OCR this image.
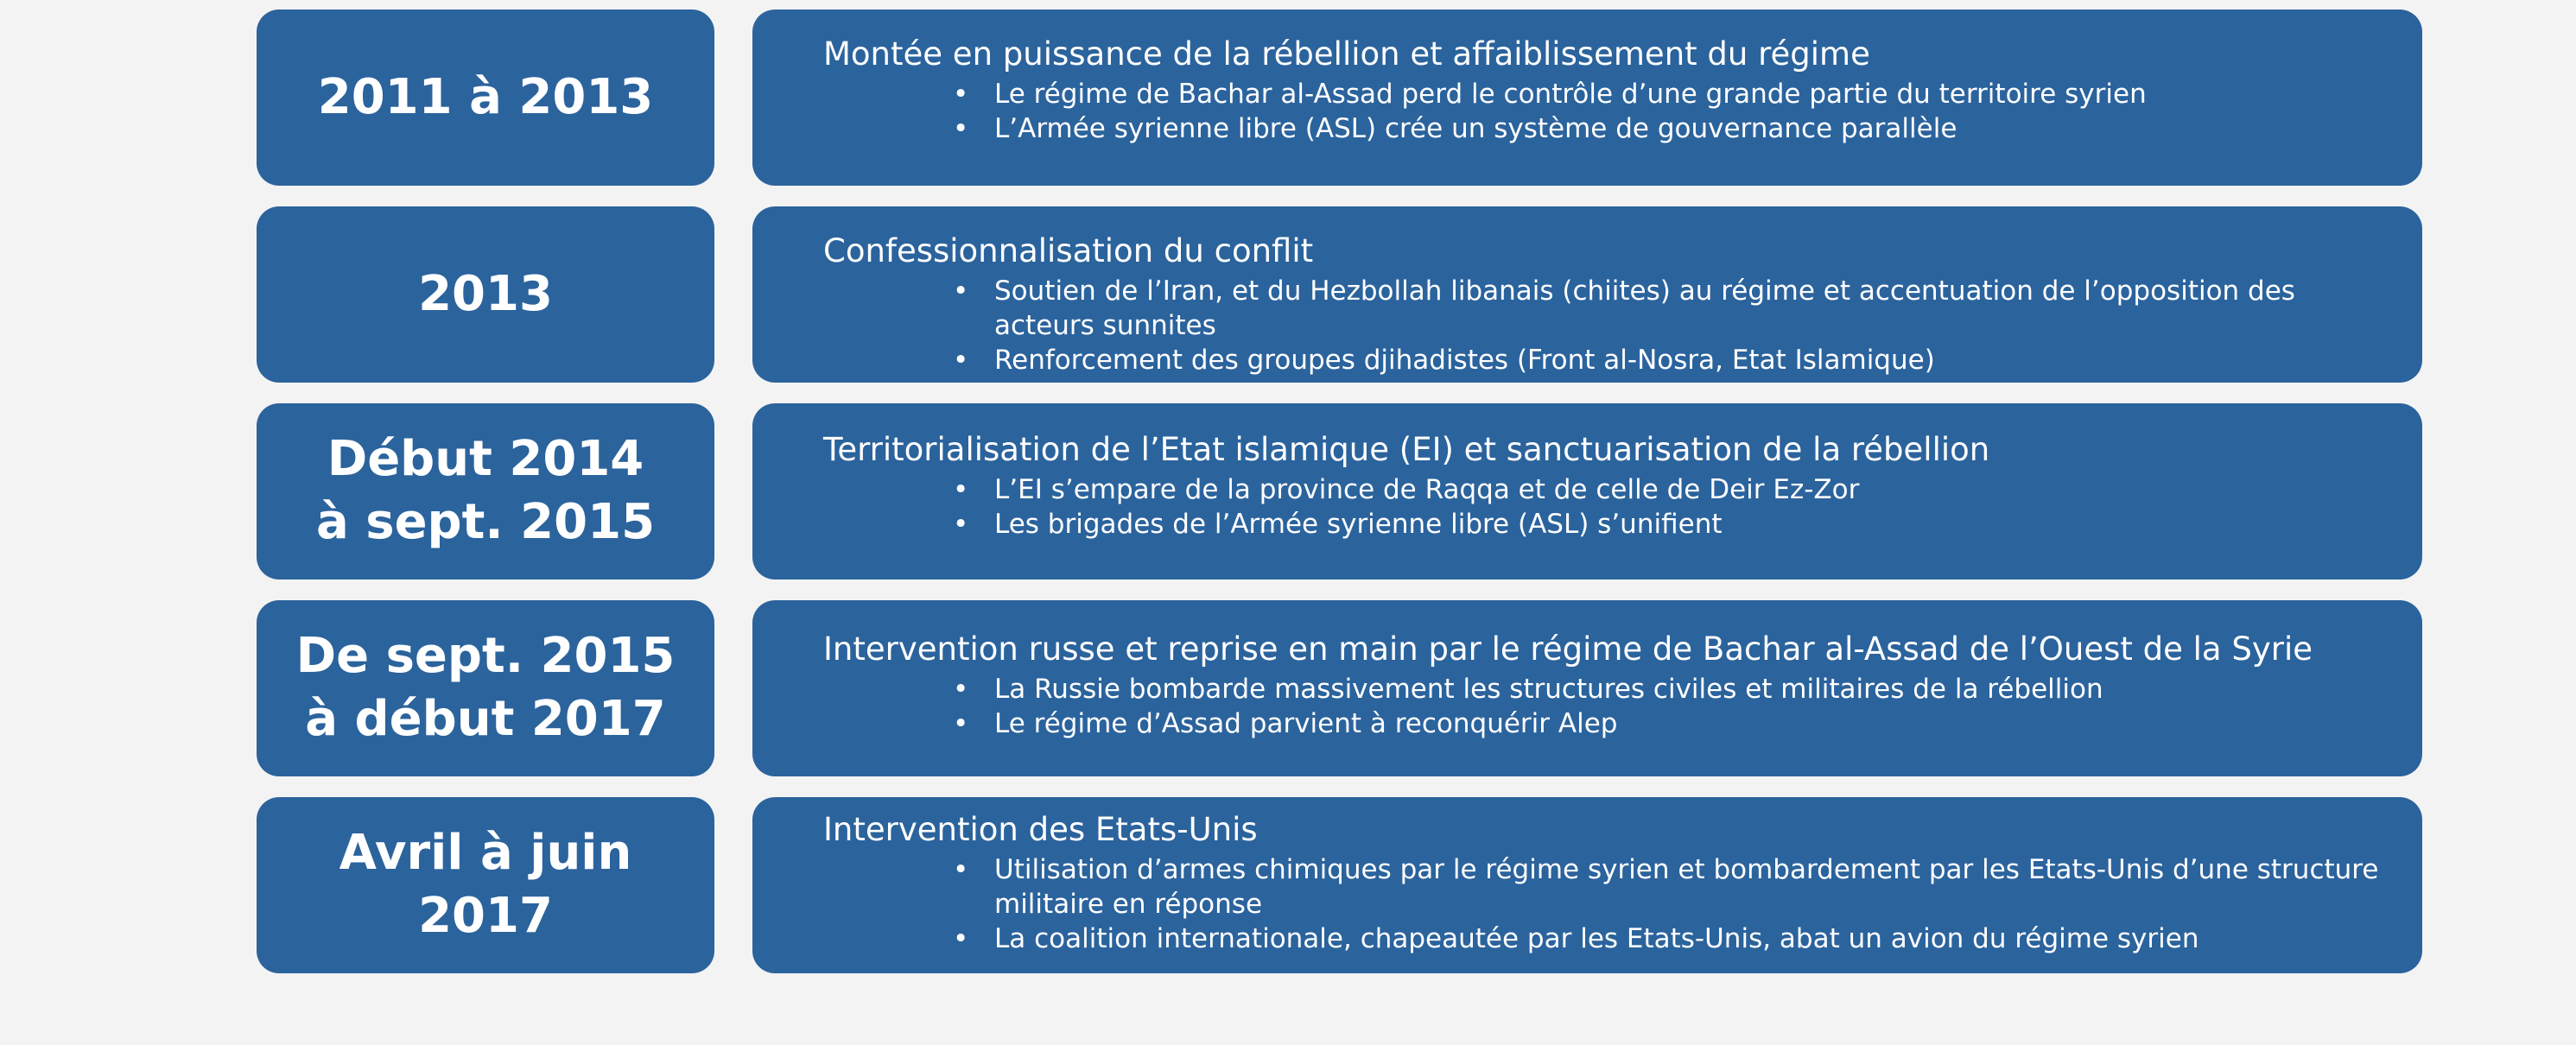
2011 à 2013
Montée en puissance de la rébellion et affaiblissement du régime
• Le régime de Bachar al-Assad perd le contrôle d’une grande partie du territoire syrien
• L’Armée syrienne libre (ASL) crée un système de gouvernance parallèle
2013
Confessionnalisation du conflit
• Soutien de l’Iran, et du Hezbollah libanais (chiites) au régime et accentuation de l’opposition des acteurs sunnites
• Renforcement des groupes djihadistes (Front al-Nosra, Etat Islamique)
Début 2014
à sept. 2015
Territorialisation de l’Etat islamique (EI) et sanctuarisation de la rébellion
• L’EI s’empare de la province de Raqqa et de celle de Deir Ez-Zor
• Les brigades de l’Armée syrienne libre (ASL) s’unifient
De sept. 2015
à début 2017
Intervention russe et reprise en main par le régime de Bachar al-Assad de l’Ouest de la Syrie
• La Russie bombarde massivement les structures civiles et militaires de la rébellion
• Le régime d’Assad parvient à reconquérir Alep
Avril à juin
2017
Intervention des Etats-Unis
• Utilisation d’armes chimiques par le régime syrien et bombardement par les Etats-Unis d’une structure militaire en réponse
• La coalition internationale, chapeautée par les Etats-Unis, abat un avion du régime syrien
